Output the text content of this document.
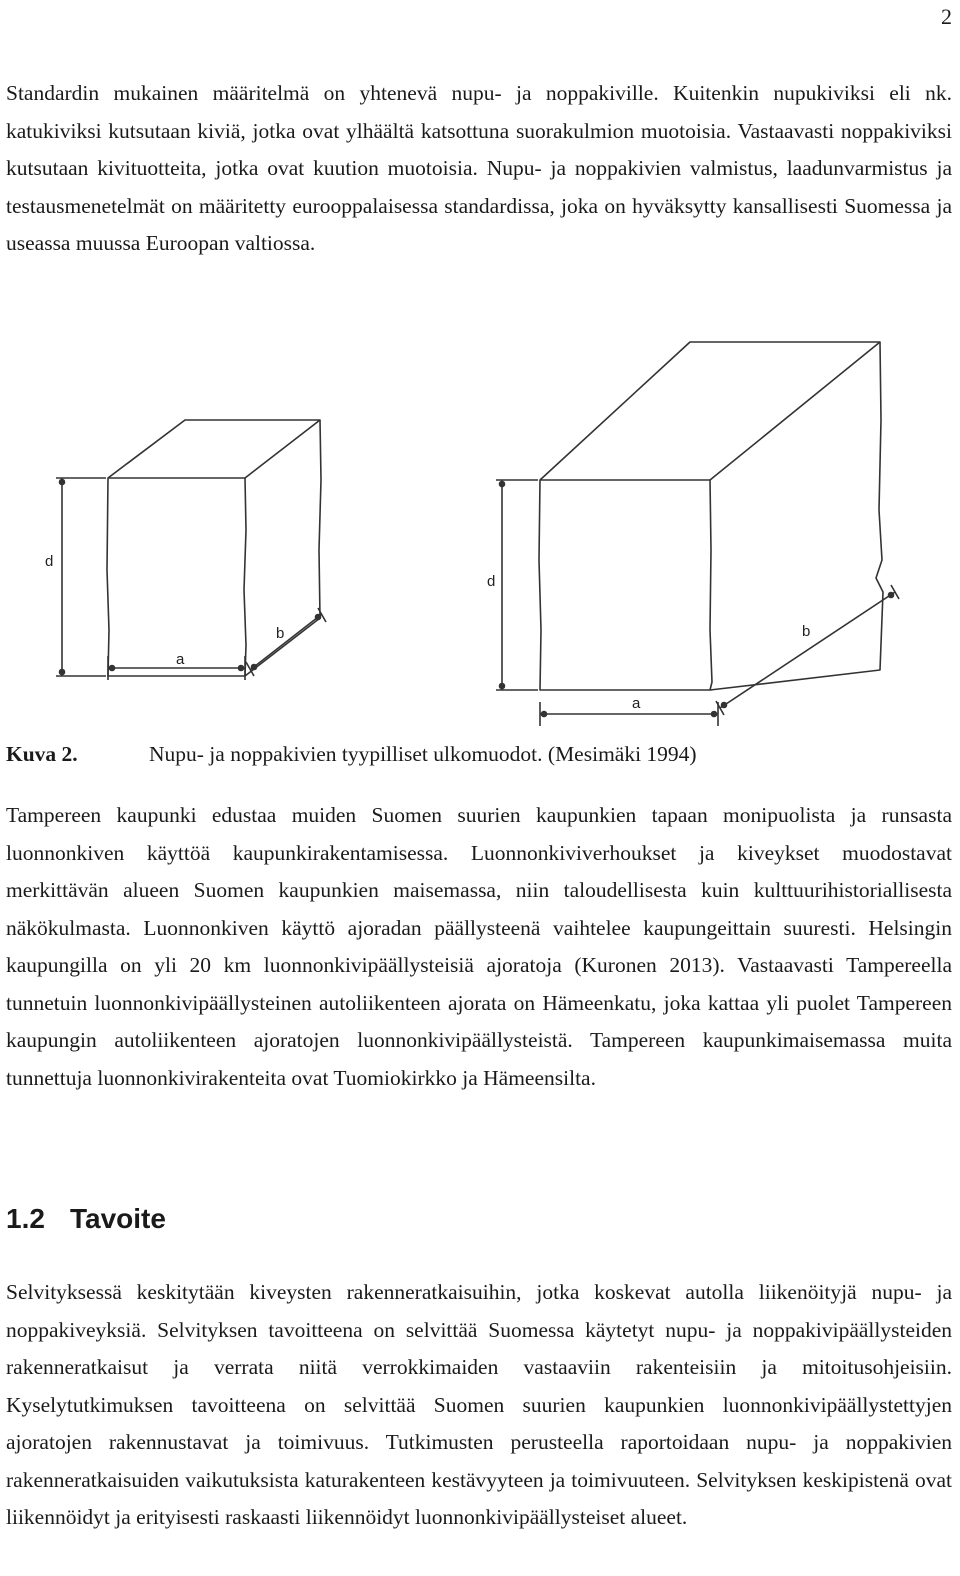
2

Standardin mukainen määritelmä on yhtenevä nupu- ja noppakiville. Kuitenkin nupukiviksi eli nk. katukiviksi kutsutaan kiviä, jotka ovat ylhäältä katsottuna suorakulmion muotoisia. Vastaavasti noppakiviksi kutsutaan kivituotteita, jotka ovat kuution muotoisia. Nupu- ja noppakivien valmistus, laadunvarmistus ja testausmenetelmät on määritetty eurooppalaisessa standardissa, joka on hyväksytty kansallisesti Suomessa ja useassa muussa Euroopan valtiossa.

d
a
b
d
a
b
Kuva 2.	Nupu- ja noppakivien tyypilliset ulkomuodot. (Mesimäki 1994)

Tampereen kaupunki edustaa muiden Suomen suurien kaupunkien tapaan monipuolista ja runsasta luonnonkiven käyttöä kaupunkirakentamisessa. Luonnonkiviverhoukset ja kiveykset muodostavat merkittävän alueen Suomen kaupunkien maisemassa, niin taloudellisesta kuin kulttuurihistoriallisesta näkökulmasta. Luonnonkiven käyttö ajoradan päällysteenä vaihtelee kaupungeittain suuresti. Helsingin kaupungilla on yli 20 km luonnonkivipäällysteisiä ajoratoja (Kuronen 2013). Vastaavasti Tampereella tunnetuin luonnonkivipäällysteinen autoliikenteen ajorata on Hämeenkatu, joka kattaa yli puolet Tampereen kaupungin autoliikenteen ajoratojen luonnonkivipäällysteistä. Tampereen kaupunkimaisemassa muita tunnettuja luonnonkivirakenteita ovat Tuomiokirkko ja Hämeensilta.

1.2 Tavoite

Selvityksessä keskitytään kiveysten rakenneratkaisuihin, jotka koskevat autolla liikenöityjä nupu- ja noppakiveyksiä. Selvityksen tavoitteena on selvittää Suomessa käytetyt nupu- ja noppakivipäällysteiden rakenneratkaisut ja verrata niitä verrokkimaiden vastaaviin rakenteisiin ja mitoitusohjeisiin. Kyselytutkimuksen tavoitteena on selvittää Suomen suurien kaupunkien luonnonkivipäällystettyjen ajoratojen rakennustavat ja toimivuus. Tutkimusten perusteella raportoidaan nupu- ja noppakivien rakenneratkaisuiden vaikutuksista katurakenteen kestävyyteen ja toimivuuteen. Selvityksen keskipistenä ovat liikennöidyt ja erityisesti raskaasti liikennöidyt luonnonkivipäällysteiset alueet.
